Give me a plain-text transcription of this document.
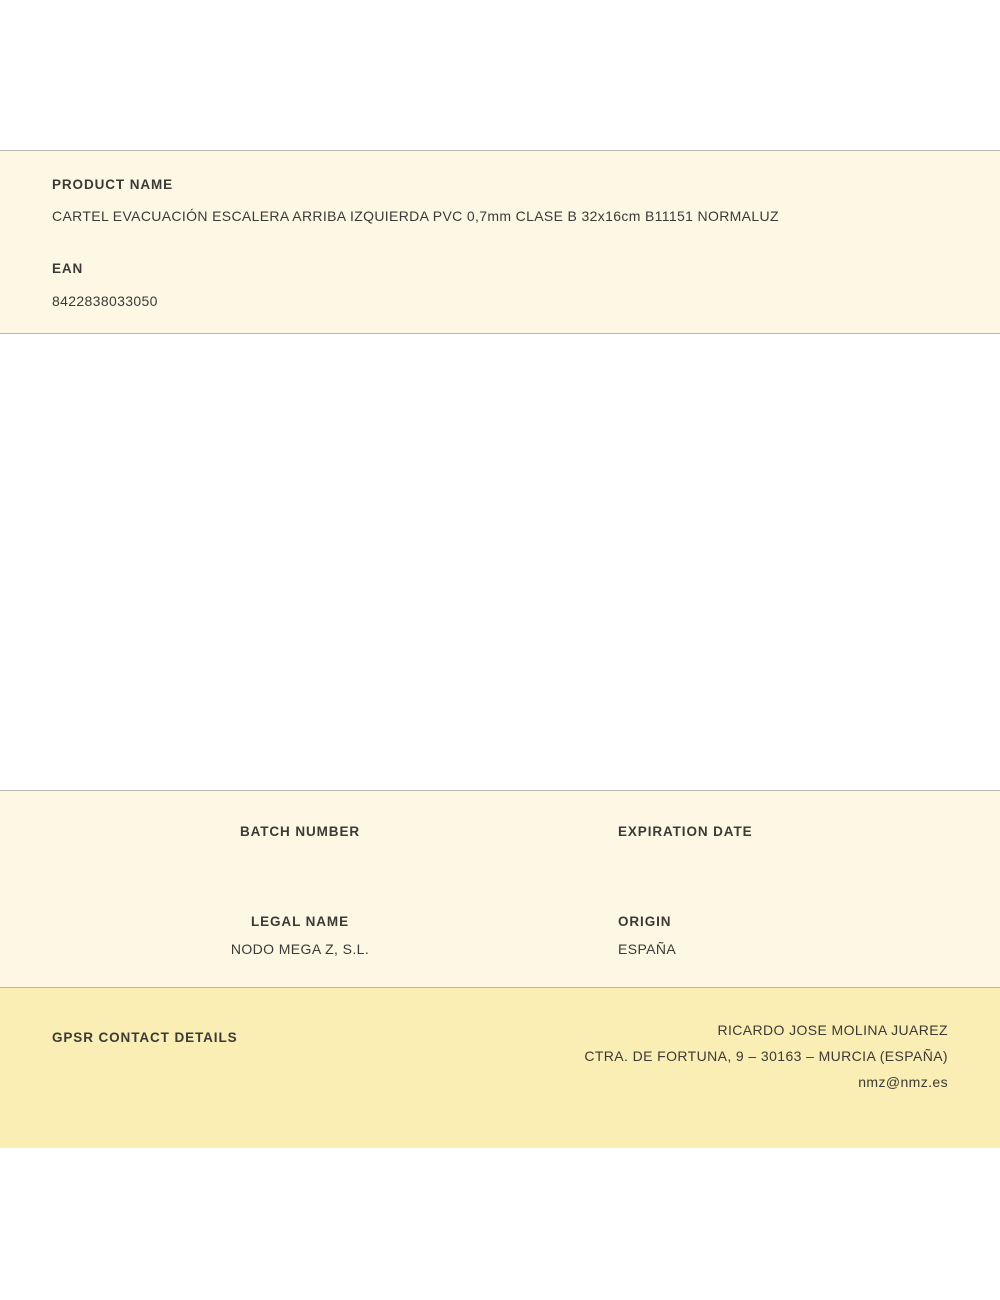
PRODUCT NAME
CARTEL EVACUACIÓN ESCALERA ARRIBA IZQUIERDA PVC 0,7mm CLASE B 32x16cm B11151 NORMALUZ
EAN
8422838033050
BATCH NUMBER	EXPIRATION DATE
LEGAL NAME
NODO MEGA Z, S.L.
ORIGIN
ESPAÑA
GPSR CONTACT DETAILS	RICARDO JOSE MOLINA JUAREZ
CTRA. DE FORTUNA, 9 – 30163 – MURCIA (ESPAÑA)
nmz@nmz.es
